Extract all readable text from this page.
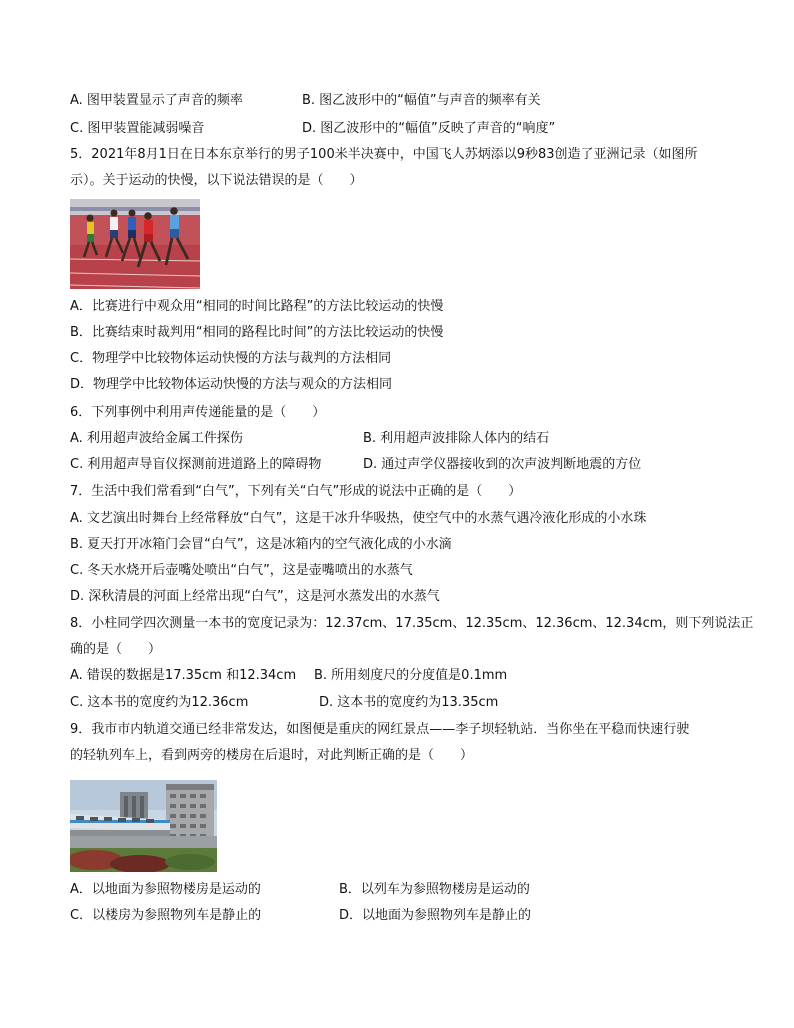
A. 图甲装置显示了声音的频率	B. 图乙波形中的“幅值”与声音的频率有关
C. 图甲装置能减弱噪音	D. 图乙波形中的“幅值”反映了声音的“响度”
5．2021年8月1日在日本东京举行的男子100米半决赛中，中国飞人苏炳添以9秒83创造了亚洲记录（如图所
示）。关于运动的快慢，以下说法错误的是（　　）
A．比赛进行中观众用“相同的时间比路程”的方法比较运动的快慢
B．比赛结束时裁判用“相同的路程比时间”的方法比较运动的快慢
C．物理学中比较物体运动快慢的方法与裁判的方法相同
D．物理学中比较物体运动快慢的方法与观众的方法相同
6．下列事例中利用声传递能量的是（　　）
A. 利用超声波给金属工件探伤	B. 利用超声波排除人体内的结石
C. 利用超声导盲仪探测前进道路上的障碍物	D. 通过声学仪器接收到的次声波判断地震的方位
7．生活中我们常看到“白气”，下列有关“白气”形成的说法中正确的是（　　）
A. 文艺演出时舞台上经常释放“白气”，这是干冰升华吸热，使空气中的水蒸气遇冷液化形成的小水珠
B. 夏天打开冰箱门会冒“白气”，这是冰箱内的空气液化成的小水滴
C. 冬天水烧开后壶嘴处喷出“白气”，这是壶嘴喷出的水蒸气
D. 深秋清晨的河面上经常出现“白气”，这是河水蒸发出的水蒸气
8．小柱同学四次测量一本书的宽度记录为：12.37cm、17.35cm、12.35cm、12.36cm、12.34cm，则下列说法正
确的是（　　）
A. 错误的数据是17.35cm 和12.34cm B. 所用刻度尺的分度值是0.1mm
C. 这本书的宽度约为12.36cm	D. 这本书的宽度约为13.35cm
9．我市市内轨道交通已经非常发达，如图便是重庆的网红景点——李子坝轻轨站．当你坐在平稳而快速行驶
的轻轨列车上，看到两旁的楼房在后退时，对此判断正确的是（　　）
A．以地面为参照物楼房是运动的	B．以列车为参照物楼房是运动的
C．以楼房为参照物列车是静止的	D．以地面为参照物列车是静止的
